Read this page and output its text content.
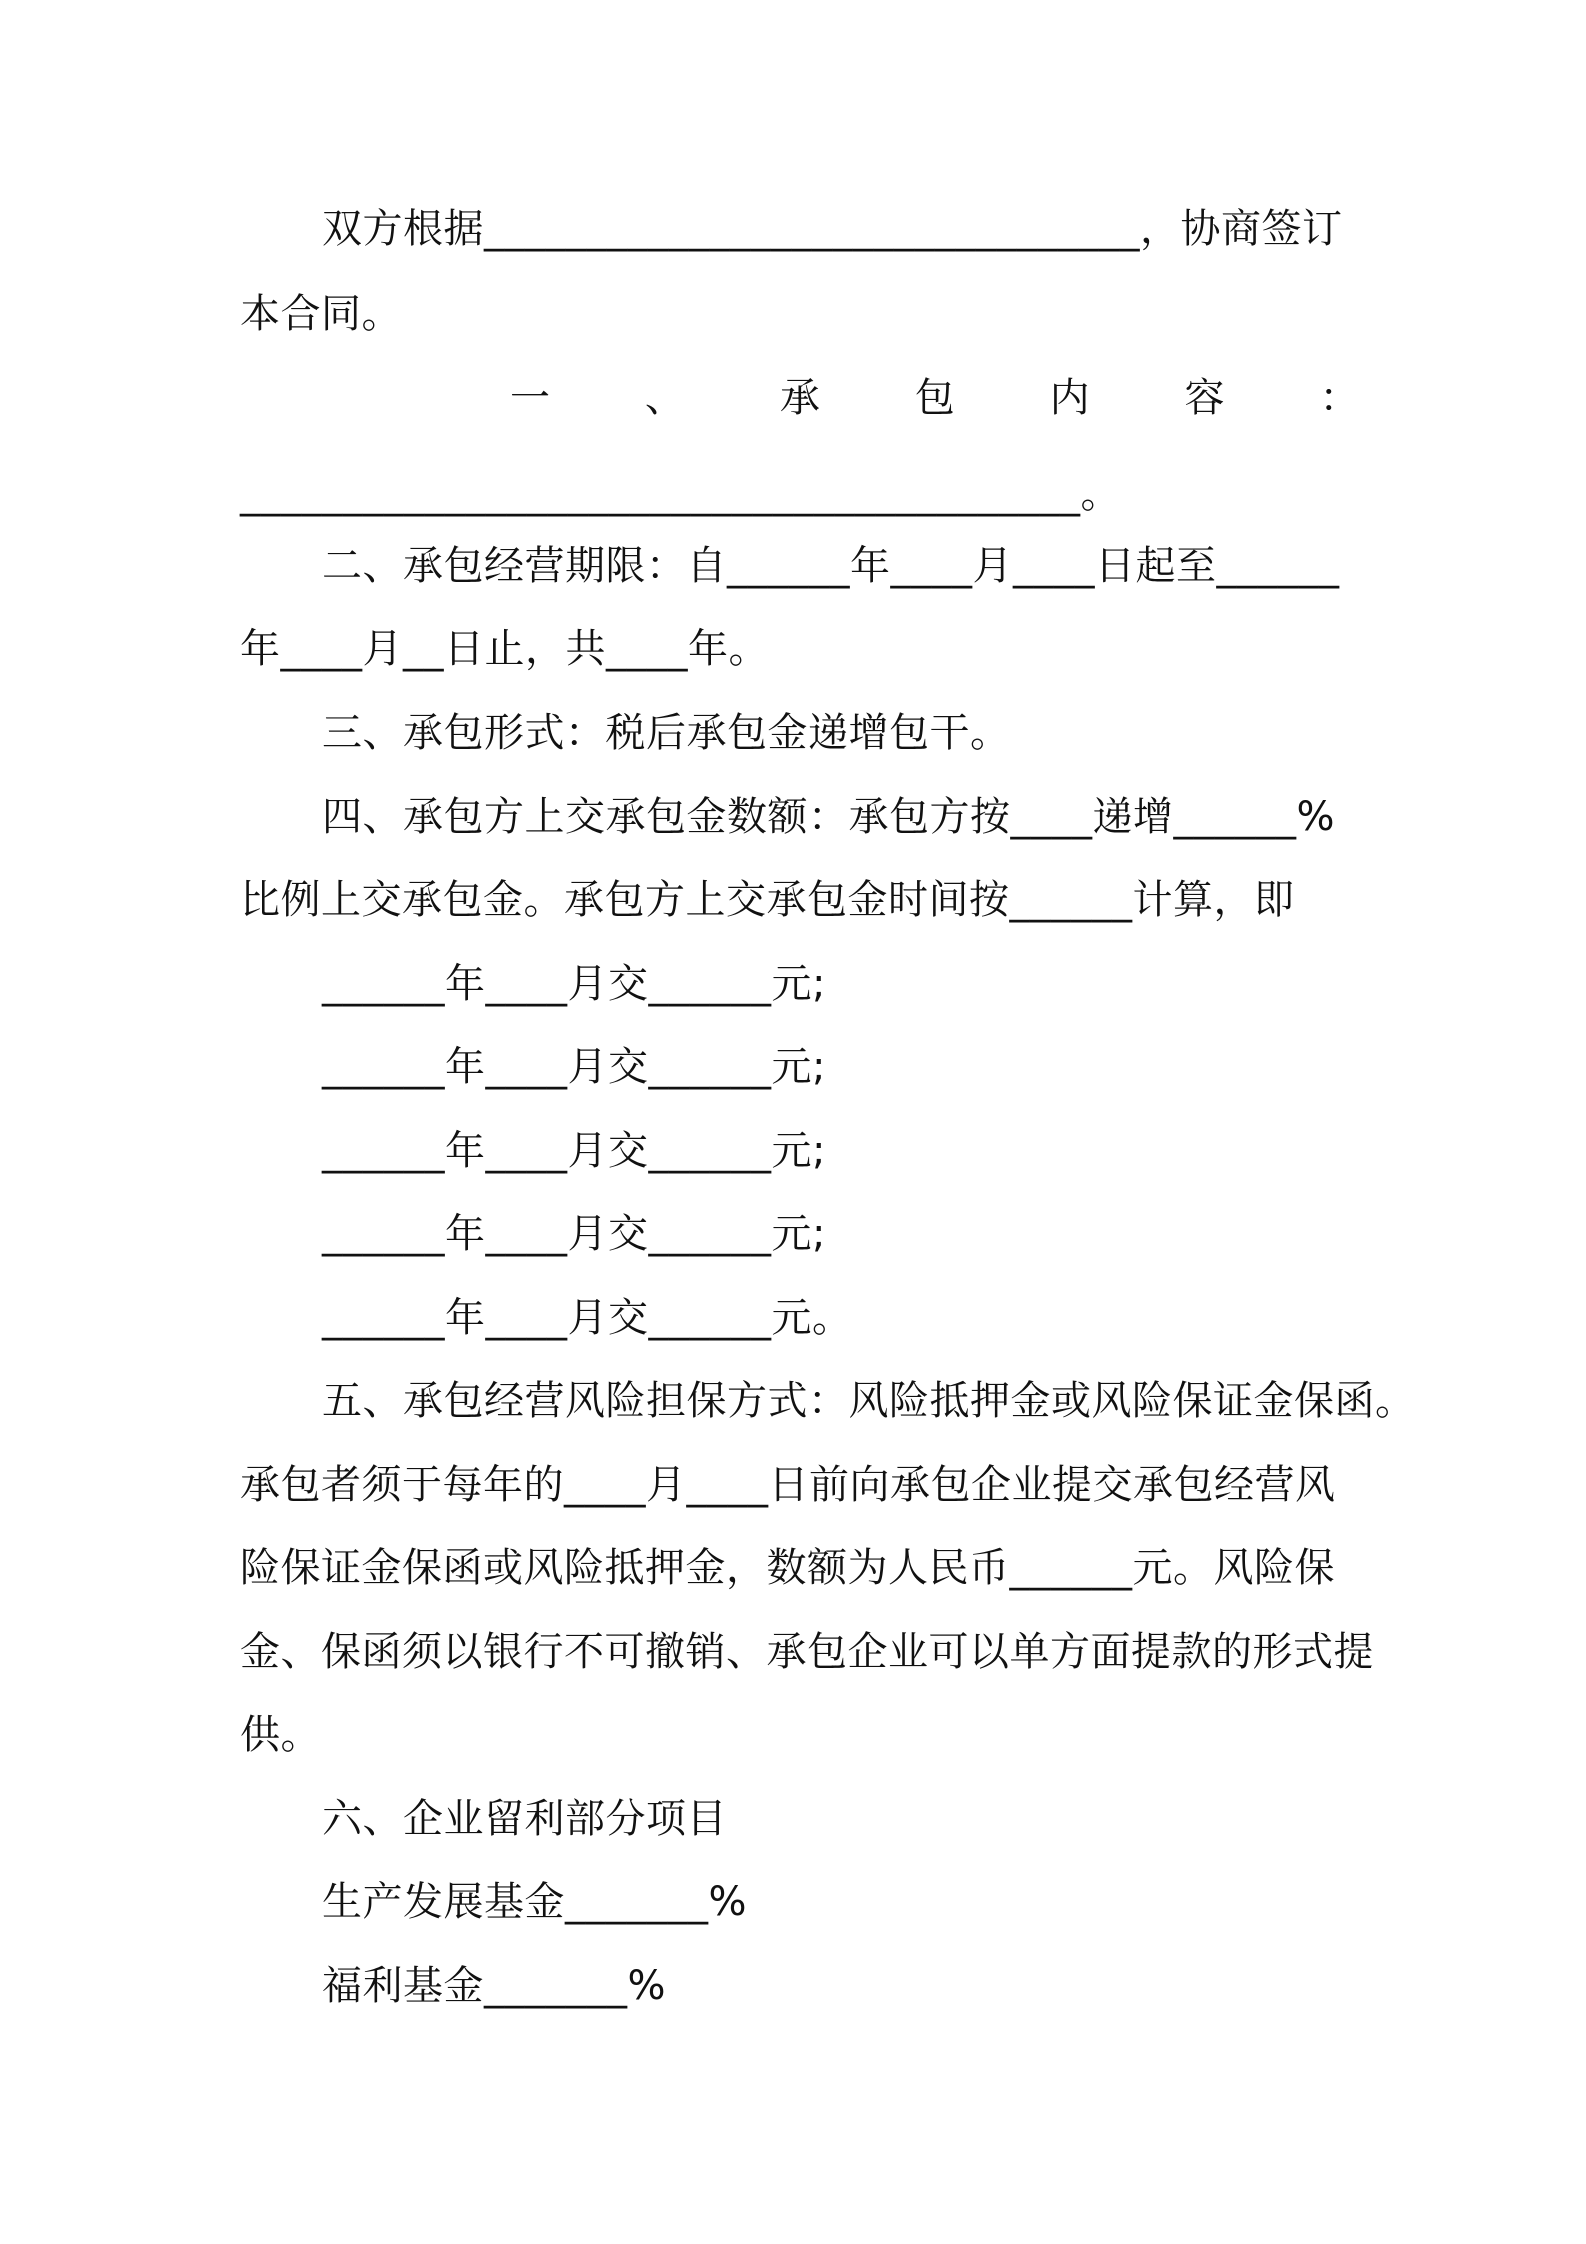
双方根据________________________________，协商签订
本合同。
一 、 承 包 内 容 ：
_________________________________________。
二、承包经营期限：自______年____月____日起至______
年____月__日止，共____年。
三、承包形式：税后承包金递增包干。
四、承包方上交承包金数额：承包方按____递增______%
比例上交承包金。承包方上交承包金时间按______计算，即
______年____月交______元;
______年____月交______元;
______年____月交______元;
______年____月交______元;
______年____月交______元。
五、承包经营风险担保方式：风险抵押金或风险保证金保函。
承包者须于每年的____月____日前向承包企业提交承包经营风
险保证金保函或风险抵押金，数额为人民币______元。风险保
金、保函须以银行不可撤销、承包企业可以单方面提款的形式提
供。
六、企业留利部分项目
生产发展基金_______%
福利基金_______%
